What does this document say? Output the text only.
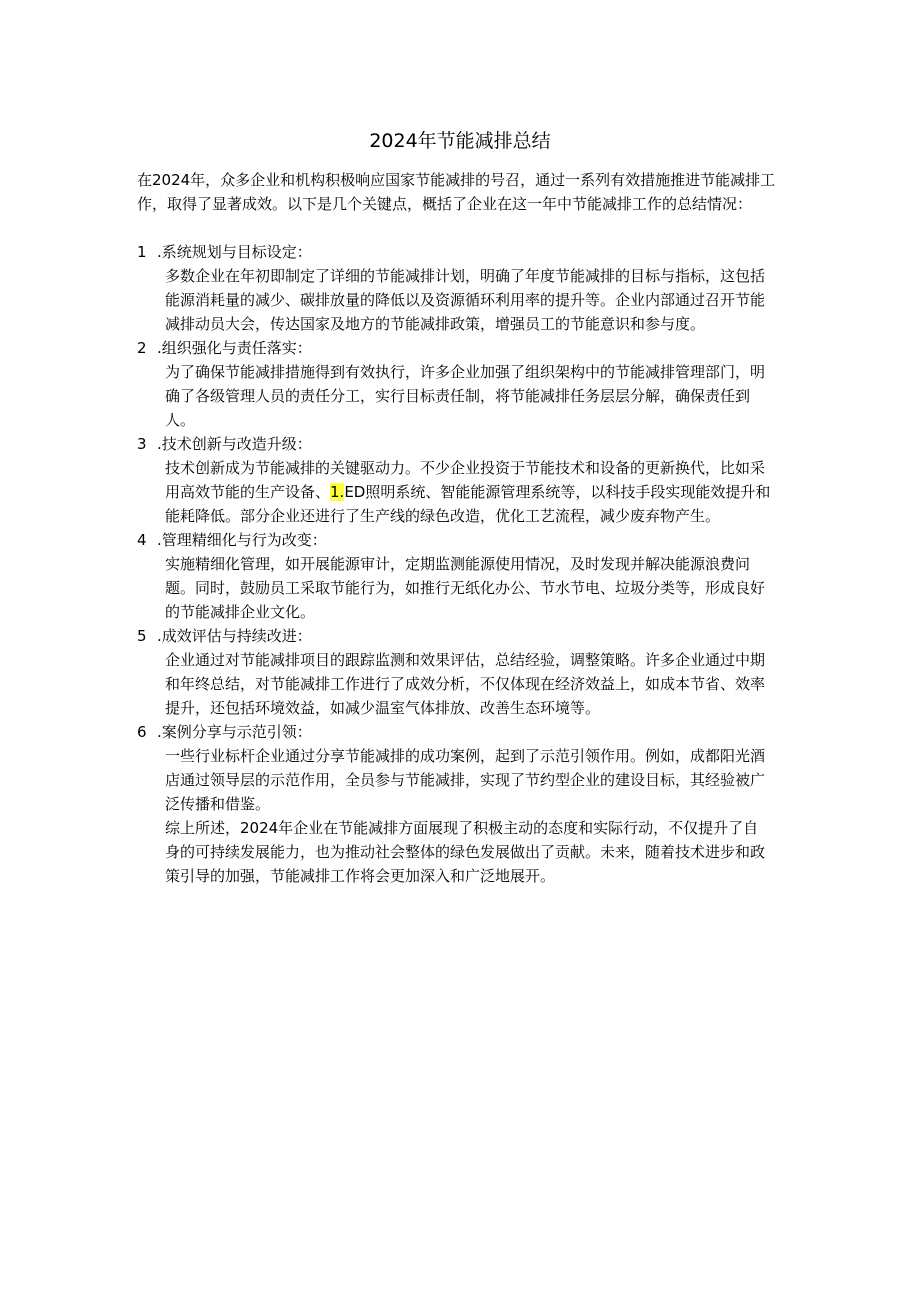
2024年节能减排总结

在2024年，众多企业和机构积极响应国家节能减排的号召，通过一系列有效措施推进节能减排工作，取得了显著成效。以下是几个关键点，概括了企业在这一年中节能减排工作的总结情况：

1 .系统规划与目标设定：

多数企业在年初即制定了详细的节能减排计划，明确了年度节能减排的目标与指标，这包括能源消耗量的减少、碳排放量的降低以及资源循环利用率的提升等。企业内部通过召开节能减排动员大会，传达国家及地方的节能减排政策，增强员工的节能意识和参与度。

2 .组织强化与责任落实：

为了确保节能减排措施得到有效执行，许多企业加强了组织架构中的节能减排管理部门，明确了各级管理人员的责任分工，实行目标责任制，将节能减排任务层层分解，确保责任到人。

3 .技术创新与改造升级：

技术创新成为节能减排的关键驱动力。不少企业投资于节能技术和设备的更新换代，比如采用高效节能的生产设备、1.ED照明系统、智能能源管理系统等，以科技手段实现能效提升和能耗降低。部分企业还进行了生产线的绿色改造，优化工艺流程，减少废弃物产生。

4 .管理精细化与行为改变：

实施精细化管理，如开展能源审计，定期监测能源使用情况，及时发现并解决能源浪费问题。同时，鼓励员工采取节能行为，如推行无纸化办公、节水节电、垃圾分类等，形成良好的节能减排企业文化。

5 .成效评估与持续改进：

企业通过对节能减排项目的跟踪监测和效果评估，总结经验，调整策略。许多企业通过中期和年终总结，对节能减排工作进行了成效分析，不仅体现在经济效益上，如成本节省、效率提升，还包括环境效益，如减少温室气体排放、改善生态环境等。

6 .案例分享与示范引领：

一些行业标杆企业通过分享节能减排的成功案例，起到了示范引领作用。例如，成都阳光酒店通过领导层的示范作用，全员参与节能减排，实现了节约型企业的建设目标，其经验被广泛传播和借鉴。

综上所述，2024年企业在节能减排方面展现了积极主动的态度和实际行动，不仅提升了自身的可持续发展能力，也为推动社会整体的绿色发展做出了贡献。未来，随着技术进步和政策引导的加强，节能减排工作将会更加深入和广泛地展开。
